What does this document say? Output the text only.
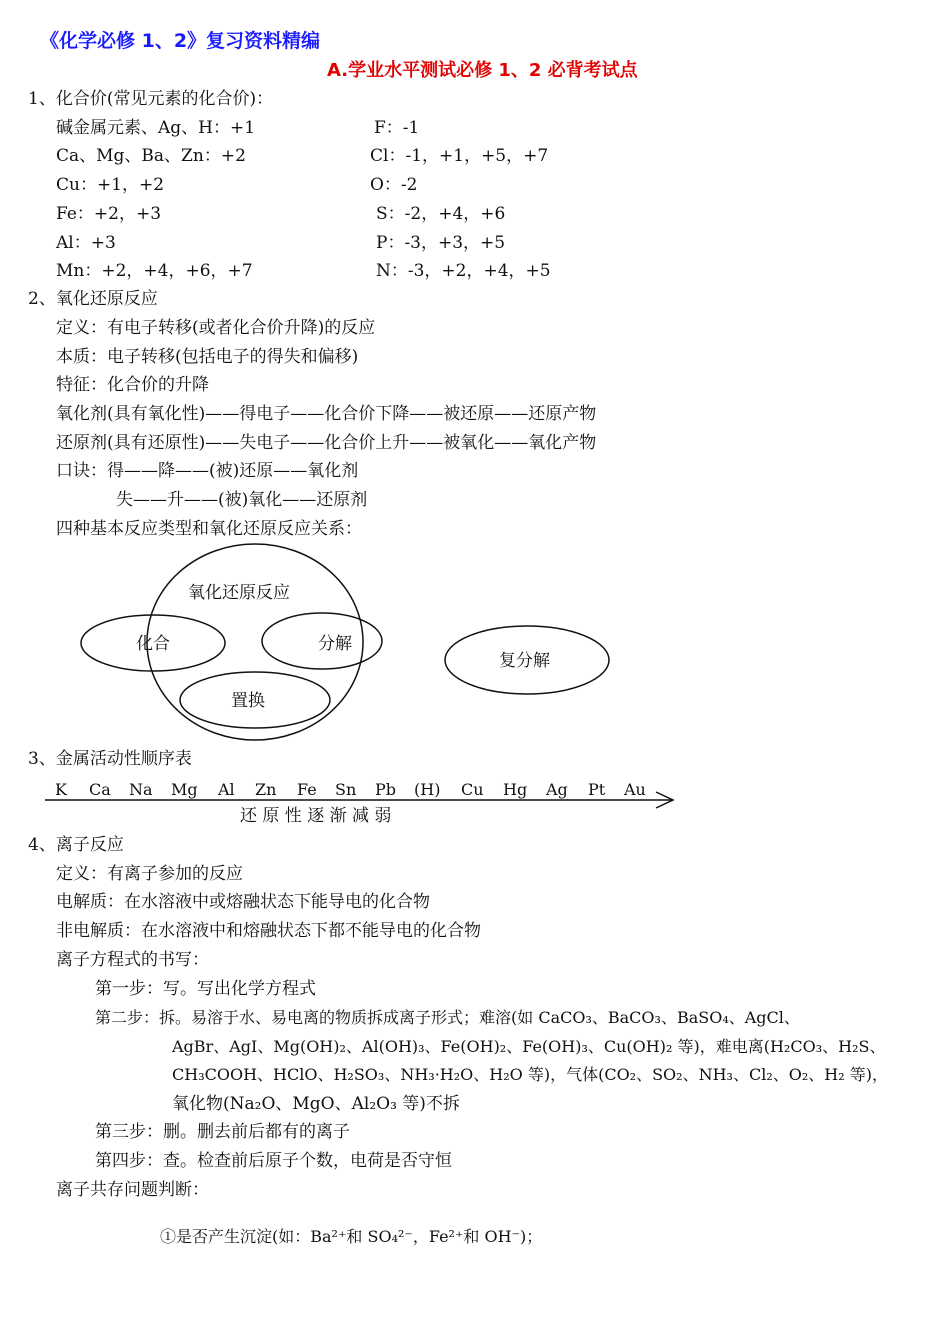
《化学必修 1、2》复习资料精编
A.学业水平测试必修 1、2 必背考试点
1、化合价(常见元素的化合价)：
碱金属元素、Ag、H：+1
Ca、Mg、Ba、Zn：+2
Cu：+1，+2
Fe：+2，+3
Al：+3
Mn：+2，+4，+6，+7
F：-1
Cl：-1，+1，+5，+7
O：-2
S：-2，+4，+6
P：-3，+3，+5
N：-3，+2，+4，+5
2、氧化还原反应
定义：有电子转移(或者化合价升降)的反应
本质：电子转移(包括电子的得失和偏移)
特征：化合价的升降
氧化剂(具有氧化性)——得电子——化合价下降——被还原——还原产物
还原剂(具有还原性)——失电子——化合价上升——被氧化——氧化产物
口诀：得——降——(被)还原——氧化剂
失——升——(被)氧化——还原剂
四种基本反应类型和氧化还原反应关系：
氧化还原反应
化合	分解
置换
复分解
3、金属活动性顺序表
K Ca Na Mg Al Zn Fe Sn Pb (H) Cu Hg Ag Pt Au
还 原 性 逐 渐 减 弱
4、离子反应
定义：有离子参加的反应
电解质：在水溶液中或熔融状态下能导电的化合物
非电解质：在水溶液中和熔融状态下都不能导电的化合物
离子方程式的书写：
第一步：写。写出化学方程式
第二步：拆。易溶于水、易电离的物质拆成离子形式；难溶(如 CaCO₃、BaCO₃、BaSO₄、AgCl、
AgBr、AgI、Mg(OH)₂、Al(OH)₃、Fe(OH)₂、Fe(OH)₃、Cu(OH)₂ 等)，难电离(H₂CO₃、H₂S、
CH₃COOH、HClO、H₂SO₃、NH₃·H₂O、H₂O 等)，气体(CO₂、SO₂、NH₃、Cl₂、O₂、H₂ 等)，
氧化物(Na₂O、MgO、Al₂O₃ 等)不拆
第三步：删。删去前后都有的离子
第四步：查。检查前后原子个数，电荷是否守恒
离子共存问题判断：
①是否产生沉淀(如：Ba²⁺和 SO₄²⁻，Fe²⁺和 OH⁻)；
